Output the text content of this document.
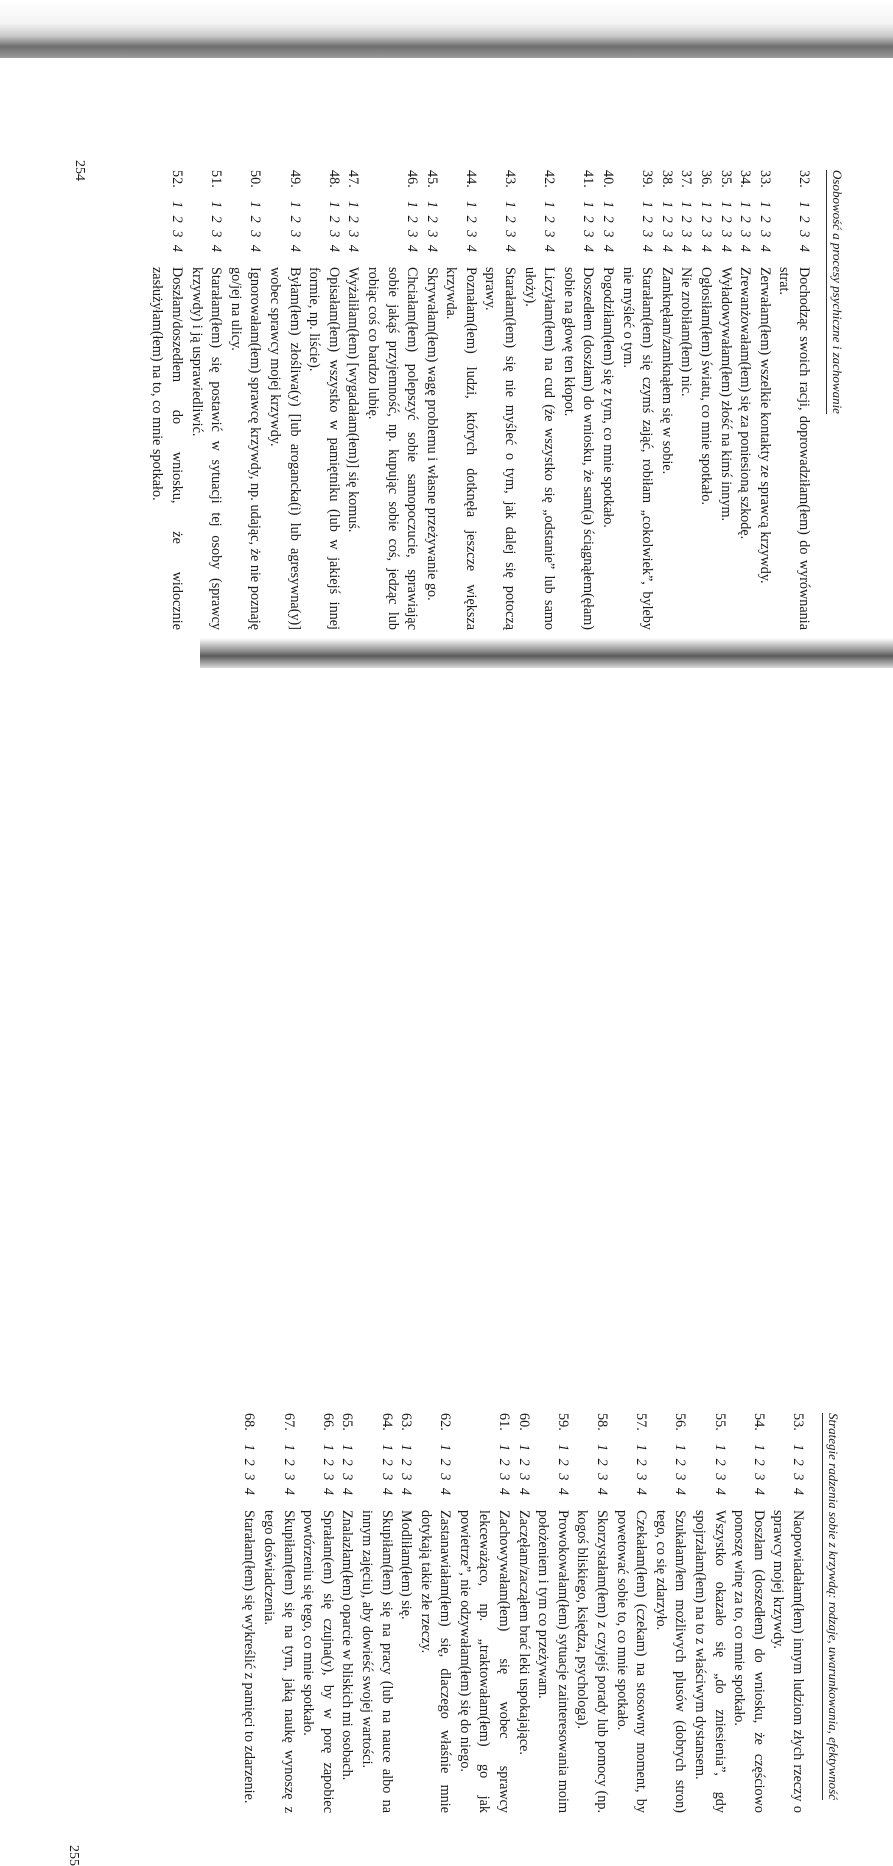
Osobowość a procesy psychiczne i zachowanie
32.
1 2 3 4
Dochodząc swoich racji, doprowadziłam(łem) do wyrównania strat.
33.
1 2 3 4
Zerwałam(łem) wszelkie kontakty ze sprawcą krzywdy.
34.
1 2 3 4
Zrewanżowałam(łem) się za poniesioną szkodę.
35.
1 2 3 4
Wyładowywałam(łem) złość na kimś innym.
36.
1 2 3 4
Ogłosiłam(łem) światu, co mnie spotkało.
37.
1 2 3 4
Nie zrobiłam(łem) nic.
38.
1 2 3 4
Zamknęłam/zamknąłem się w sobie.
39.
1 2 3 4
Starałam(łem) się czymś zająć, robiłam „cokolwiek”, byleby nie myśleć o tym.
40.
1 2 3 4
Pogodziłam(łem) się z tym, co mnie spotkało.
41.
1 2 3 4
Doszedłem (doszłam) do wniosku, że sam(a) ściągnąłem(ęłam) sobie na głowę ten kłopot.
42.
1 2 3 4
Liczyłam(łem) na cud (że wszystko się „odstanie” lub samo ułoży).
43.
1 2 3 4
Starałam(łem) się nie myśleć o tym, jak dalej się potoczą sprawy.
44.
1 2 3 4
Poznałam(łem) ludzi, których dotknęła jeszcze większa krzywda.
45.
1 2 3 4
Skrywałam(łem) wagę problemu i własne przeżywanie go.
46.
1 2 3 4
Chciałam(łem) polepszyć sobie samopoczucie, sprawiając sobie jakąś przyjemność, np. kupując sobie coś, jedząc lub robiąc coś co bardzo lubię.
47.
1 2 3 4
Wyżaliłam(łem) [wygadałam(łem)] się komuś.
48.
1 2 3 4
Opisałam(łem) wszystko w pamiętniku (lub w jakiejś innej formie, np. liście).
49.
1 2 3 4
Byłam(łem) złośliwa(y) [lub arogancka(i) lub agresywna(y)] wobec sprawcy mojej krzywdy.
50.
1 2 3 4
Ignorowałam(łem) sprawcę krzywdy, np. udając, że nie poznaję go/jej na ulicy.
51.
1 2 3 4
Starałam(łem) się postawić w sytuacji tej osoby (sprawcy krzywdy) i ją usprawiedliwić.
52.
1 2 3 4
Doszłam/doszedłem do wniosku, że widocznie zasłużyłam(łem) na to, co mnie spotkało.
254
Strategie radzenia sobie z krzywdą: rodzaje, uwarunkowania, efektywność
53.
1 2 3 4
Naopowiadałam(łem) innym ludziom złych rzeczy o sprawcy mojej krzywdy.
54.
1 2 3 4
Doszłam (doszedłem) do wniosku, że częściowo ponoszę winę za to, co mnie spotkało.
55.
1 2 3 4
Wszystko okazało się „do zniesienia”, gdy spojrzałam(łem) na to z właściwym dystansem.
56.
1 2 3 4
Szukałam/łem możliwych plusów (dobrych stron) tego, co się zdarzyło.
57.
1 2 3 4
Czekałam(łem) (czekam) na stosowny moment, by powetować sobie to, co mnie spotkało.
58.
1 2 3 4
Skorzystałam(łem) z czyjejś porady lub pomocy (np. kogoś bliskiego, księdza, psychologa).
59.
1 2 3 4
Prowokowałam(łem) sytuacje zainteresowania moim położeniem i tym co przeżywam.
60.
1 2 3 4
Zaczęłam/zacząłem brać leki uspokajające.
61.
1 2 3 4
Zachowywałam(łem) się wobec sprawcy lekceważąco, np. „traktowałam(łem) go jak powietrze”, nie odzywałam(łem) się do niego.
62.
1 2 3 4
Zastanawiałam(łem) się, dlaczego właśnie mnie dotykają takie złe rzeczy.
63.
1 2 3 4
Modliłam(łem) się.
64.
1 2 3 4
Skupiłam(łem) się na pracy (lub na nauce albo na innym zajęciu), aby dowieść swojej wartości.
65.
1 2 3 4
Znalazłam(łem) oparcie w bliskich mi osobach.
66.
1 2 3 4
Sprałam(em) się czujna(y), by w porę zapobiec powtórzeniu się tego, co mnie spotkało.
67.
1 2 3 4
Skupiłam(łem) się na tym, jaką naukę wynoszę z tego doświadczenia.
68.
1 2 3 4
Starałam(łem) się wykreślić z pamięci to zdarzenie.
255
